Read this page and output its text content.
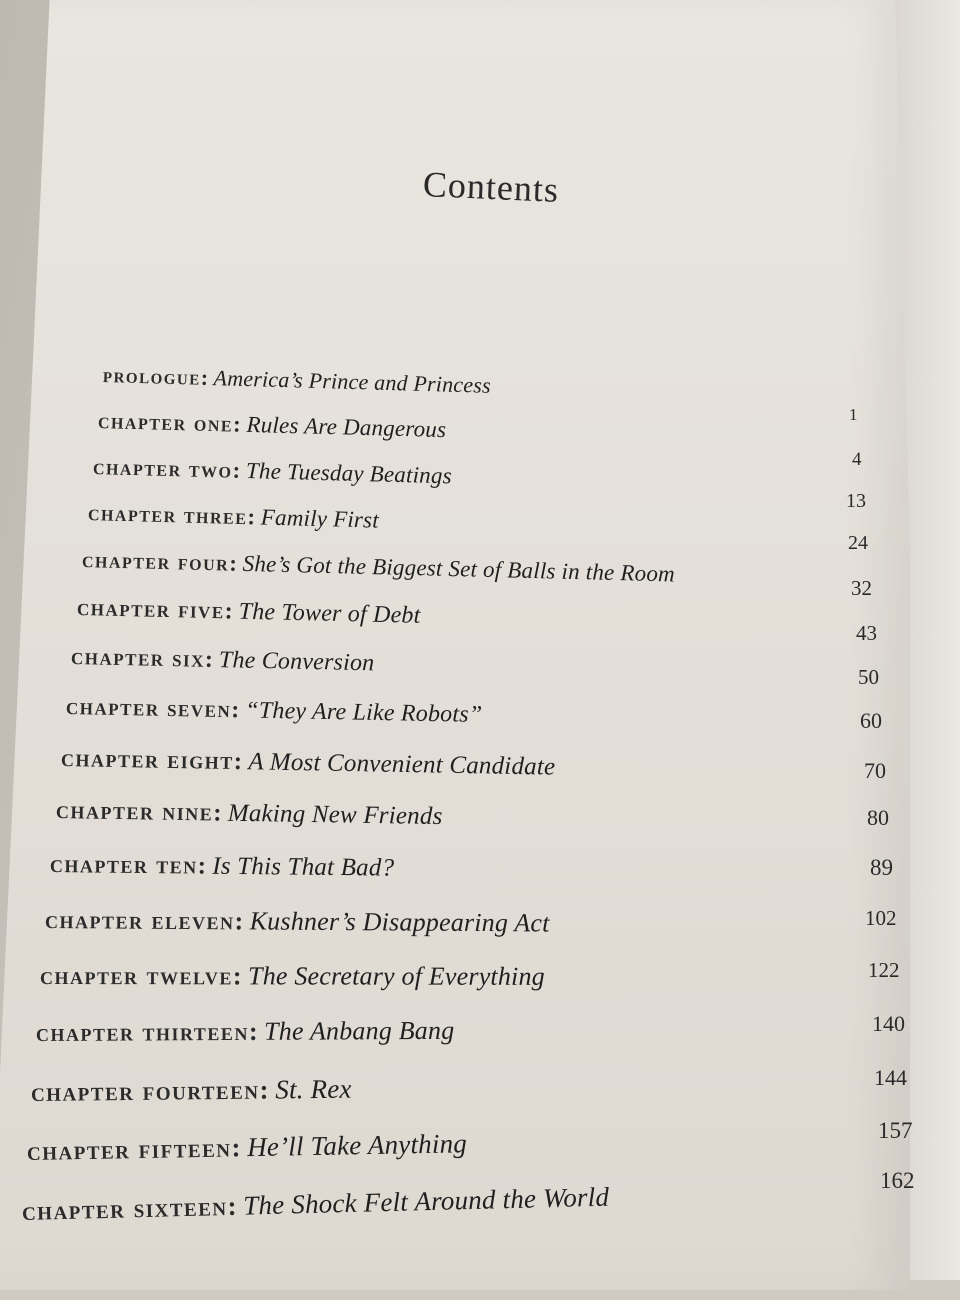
Contents
prologue: America’s Prince and Princess
chapter one: Rules Are Dangerous
chapter two: The Tuesday Beatings
chapter three: Family First
chapter four: She’s Got the Biggest Set of Balls in the Room
chapter five: The Tower of Debt
chapter six: The Conversion
chapter seven: “They Are Like Robots”
chapter eight: A Most Convenient Candidate
chapter nine: Making New Friends
chapter ten: Is This That Bad?
chapter eleven: Kushner’s Disappearing Act
chapter twelve: The Secretary of Everything
chapter thirteen: The Anbang Bang
chapter fourteen: St. Rex
chapter fifteen: He’ll Take Anything
chapter sixteen: The Shock Felt Around the World
1
4
13
24
32
43
50
60
70
80
89
102
122
140
144
157
162
